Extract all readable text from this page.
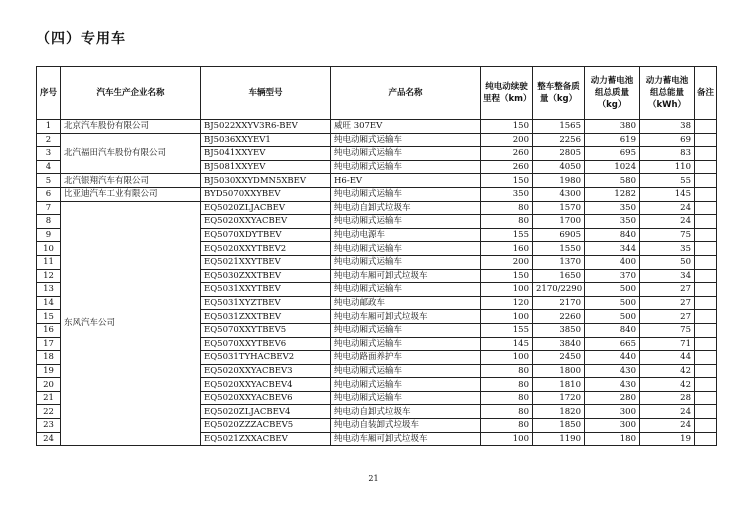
（四）专用车
序号	汽车生产企业名称	车辆型号	产品名称	纯电动续驶里程（km）	整车整备质量（kg）	动力蓄电池组总质量（kg）	动力蓄电池组总能量（kWh）	备注
1	北京汽车股份有限公司	BJ5022XXYV3R6-BEV	威旺 307EV	150	1565	380	38	
2	北汽福田汽车股份有限公司	BJ5036XXYEV1	纯电动厢式运输车	200	2256	619	69	
3		BJ5041XXYEV	纯电动厢式运输车	260	2805	695	83	
4		BJ5081XXYEV	纯电动厢式运输车	260	4050	1024	110	
5	北汽银翔汽车有限公司	BJ5030XXYDMN5XBEV	H6-EV	150	1980	580	55	
6	比亚迪汽车工业有限公司	BYD5070XXYBEV	纯电动厢式运输车	350	4300	1282	145	
7	东风汽车公司	EQ5020ZLJACBEV	纯电动自卸式垃圾车	80	1570	350	24	
8		EQ5020XXYACBEV	纯电动厢式运输车	80	1700	350	24	
9		EQ5070XDYTBEV	纯电动电源车	155	6905	840	75	
10		EQ5020XXYTBEV2	纯电动厢式运输车	160	1550	344	35	
11		EQ5021XXYTBEV	纯电动厢式运输车	200	1370	400	50	
12		EQ5030ZXXTBEV	纯电动车厢可卸式垃圾车	150	1650	370	34	
13		EQ5031XXYTBEV	纯电动厢式运输车	100	2170/2290	500	27	
14		EQ5031XYZTBEV	纯电动邮政车	120	2170	500	27	
15		EQ5031ZXXTBEV	纯电动车厢可卸式垃圾车	100	2260	500	27	
16		EQ5070XXYTBEV5	纯电动厢式运输车	155	3850	840	75	
17		EQ5070XXYTBEV6	纯电动厢式运输车	145	3840	665	71	
18		EQ5031TYHACBEV2	纯电动路面养护车	100	2450	440	44	
19		EQ5020XXYACBEV3	纯电动厢式运输车	80	1800	430	42	
20		EQ5020XXYACBEV4	纯电动厢式运输车	80	1810	430	42	
21		EQ5020XXYACBEV6	纯电动厢式运输车	80	1720	280	28	
22		EQ5020ZLJACBEV4	纯电动自卸式垃圾车	80	1820	300	24	
23		EQ5020ZZZACBEV5	纯电动自装卸式垃圾车	80	1850	300	24	
24		EQ5021ZXXACBEV	纯电动车厢可卸式垃圾车	100	1190	180	19	
21
